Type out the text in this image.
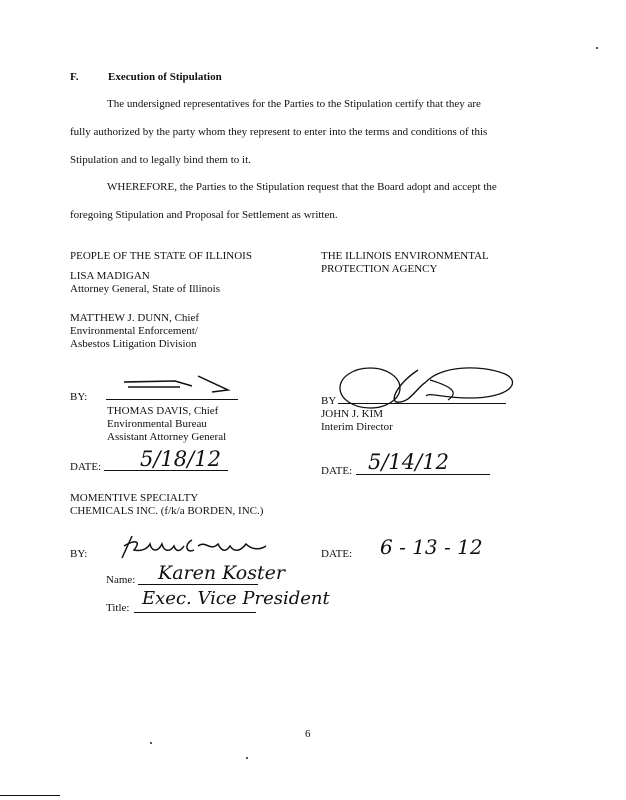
F.	Execution of Stipulation
The undersigned representatives for the Parties to the Stipulation certify that they are
fully authorized by the party whom they represent to enter into the terms and conditions of this
Stipulation and to legally bind them to it.
WHEREFORE, the Parties to the Stipulation request that the Board adopt and accept the
foregoing Stipulation and Proposal for Settlement as written.
PEOPLE OF THE STATE OF ILLINOIS
LISA MADIGAN
Attorney General, State of Illinois
MATTHEW J. DUNN, Chief
Environmental Enforcement/
Asbestos Litigation Division
BY:
THOMAS DAVIS, Chief
Environmental Bureau
Assistant Attorney General
DATE: 5/18/12
THE ILLINOIS ENVIRONMENTAL
PROTECTION AGENCY
BY
JOHN J. KIM
Interim Director
DATE: 5/14/12
MOMENTIVE SPECIALTY
CHEMICALS INC. (f/k/a BORDEN, INC.)
BY:
Name: Karen Koster
Title: Exec. Vice President
DATE: 6 - 13 - 12
6
